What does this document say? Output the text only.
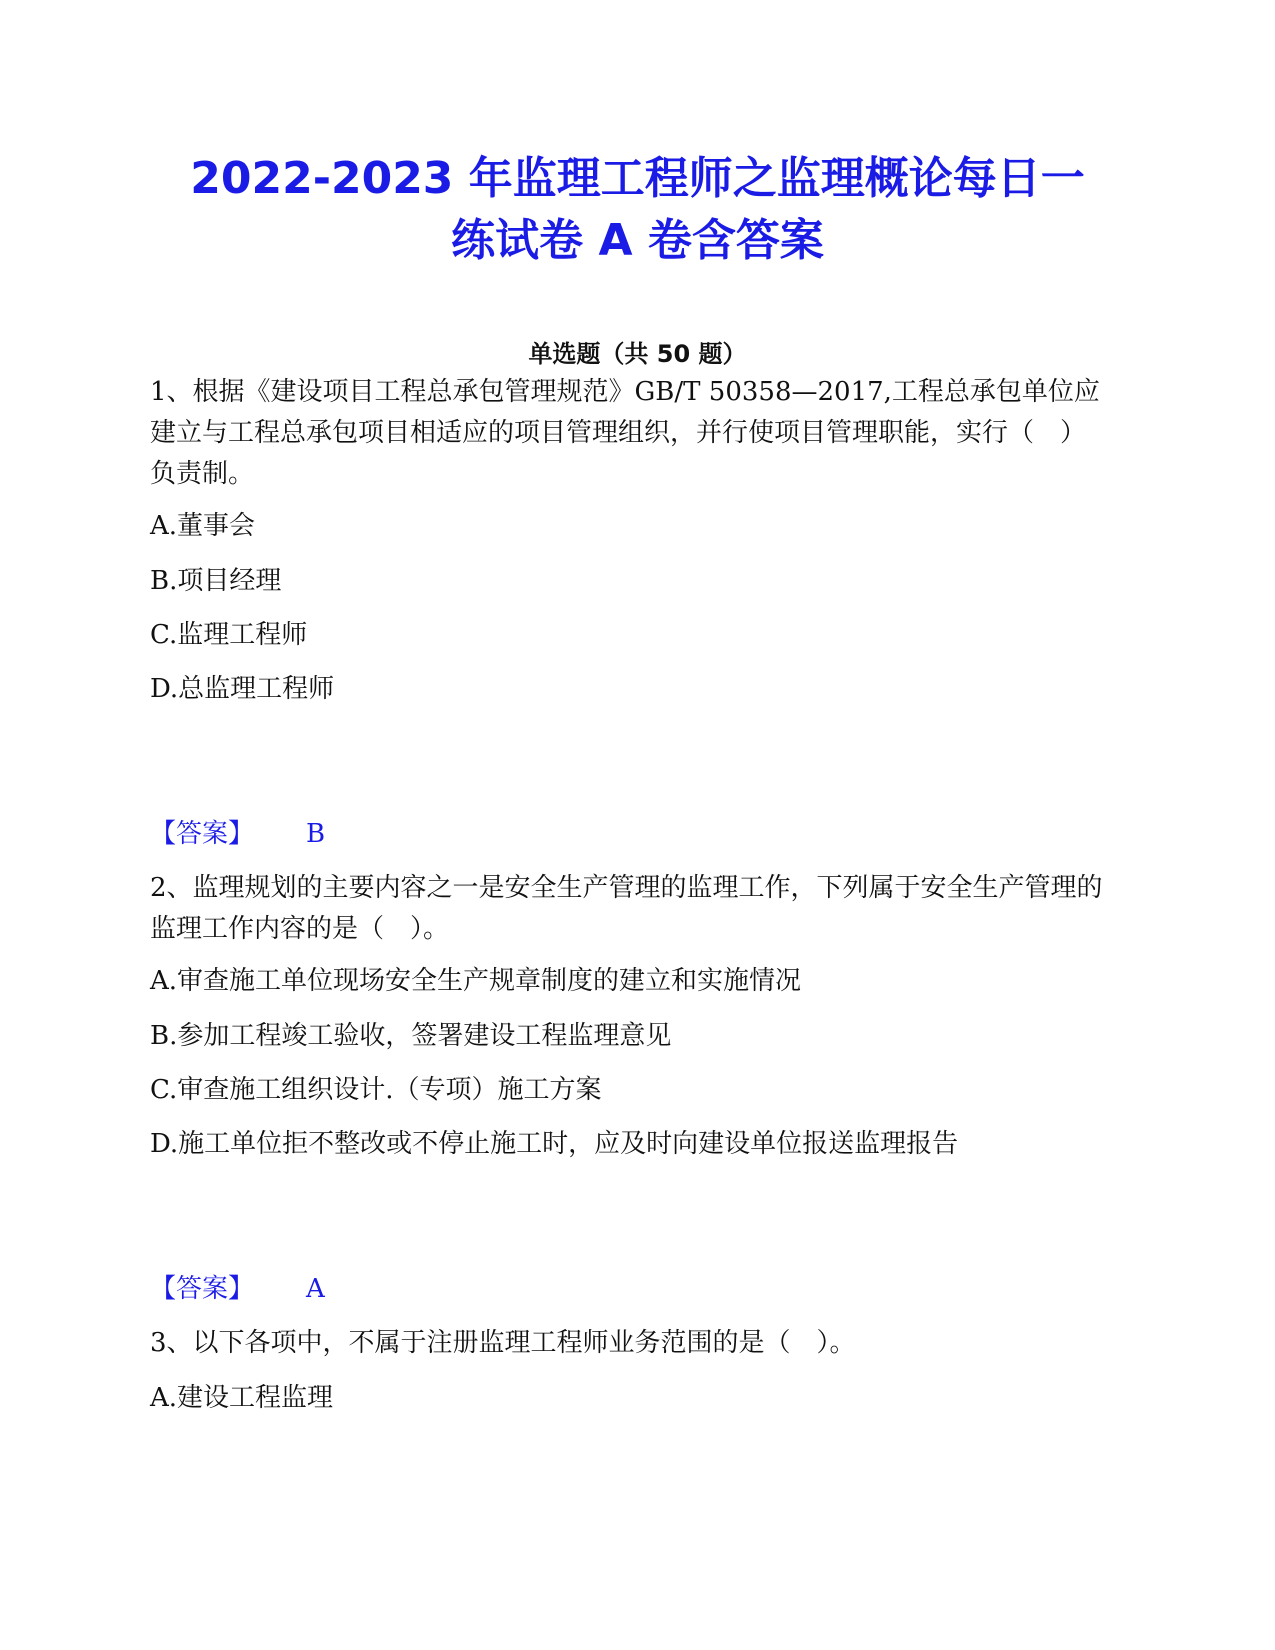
2022-2023 年监理工程师之监理概论每日一
练试卷 A 卷含答案

单选题（共 50 题）

1、根据《建设项目工程总承包管理规范》GB/T 50358—2017,工程总承包单位应建立与工程总承包项目相适应的项目管理组织，并行使项目管理职能，实行（　）负责制。

A.董事会

B.项目经理

C.监理工程师

D.总监理工程师

【答案】 B

2、监理规划的主要内容之一是安全生产管理的监理工作，下列属于安全生产管理的监理工作内容的是（　）。

A.审查施工单位现场安全生产规章制度的建立和实施情况

B.参加工程竣工验收，签署建设工程监理意见

C.审查施工组织设计.（专项）施工方案

D.施工单位拒不整改或不停止施工时，应及时向建设单位报送监理报告

【答案】 A

3、以下各项中，不属于注册监理工程师业务范围的是（　）。

A.建设工程监理
